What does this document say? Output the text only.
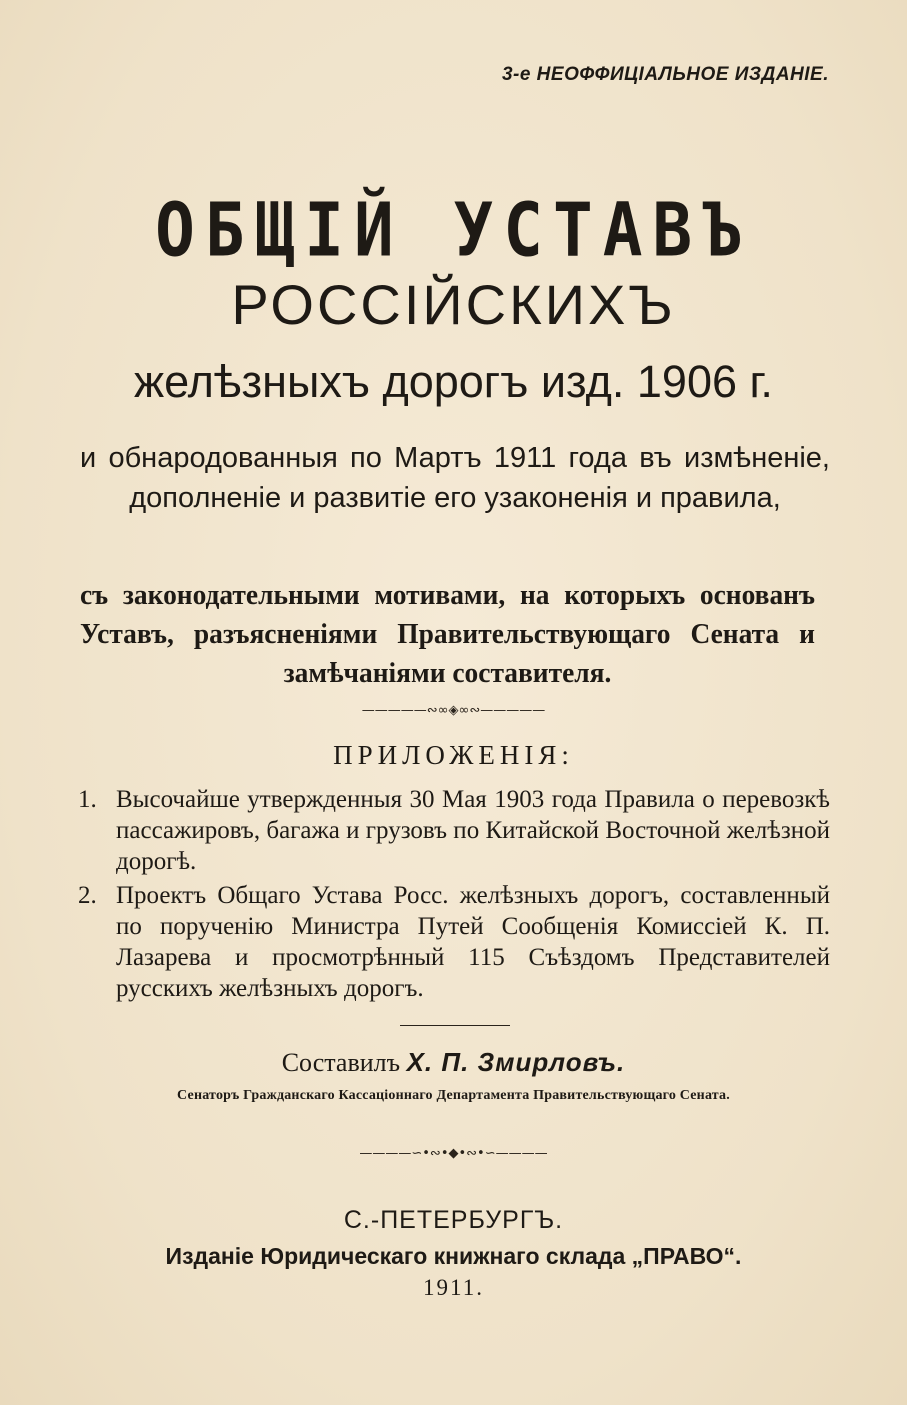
3-е НЕОФФИЦІАЛЬНОЕ ИЗДАНІЕ.
ОБЩІЙ УСТАВЪ
РОССІЙСКИХЪ
желѣзныхъ дорогъ изд. 1906 г.
и обнародованныя по Мартъ 1911 года въ измѣненіе, дополненіе и развитіе его узаконенія и правила,
съ законодательными мотивами, на которыхъ основанъ Уставъ, разъясненіями Правительствующаго Сената и замѣчаніями составителя.
—————∾∞◈∞∾—————
ПРИЛОЖЕНІЯ:
1. Высочайше утвержденныя 30 Мая 1903 года Правила о перевозкѣ пассажировъ, багажа и грузовъ по Китайской Восточной желѣзной дорогѣ.
2. Проектъ Общаго Устава Росс. желѣзныхъ дорогъ, составленный по порученію Министра Путей Сообщенія Комиссіей К. П. Лазарева и просмотрѣнный 115 Съѣздомъ Представителей русскихъ желѣзныхъ дорогъ.
Составилъ Х. П. Змирловъ.
Сенаторъ Гражданскаго Кассаціоннаго Департамента Правительствующаго Сената.
————∽•∾•◆•∾•∽————
С.-ПЕТЕРБУРГЪ.
Изданіе Юридическаго книжнаго склада „ПРАВО“.
1911.
